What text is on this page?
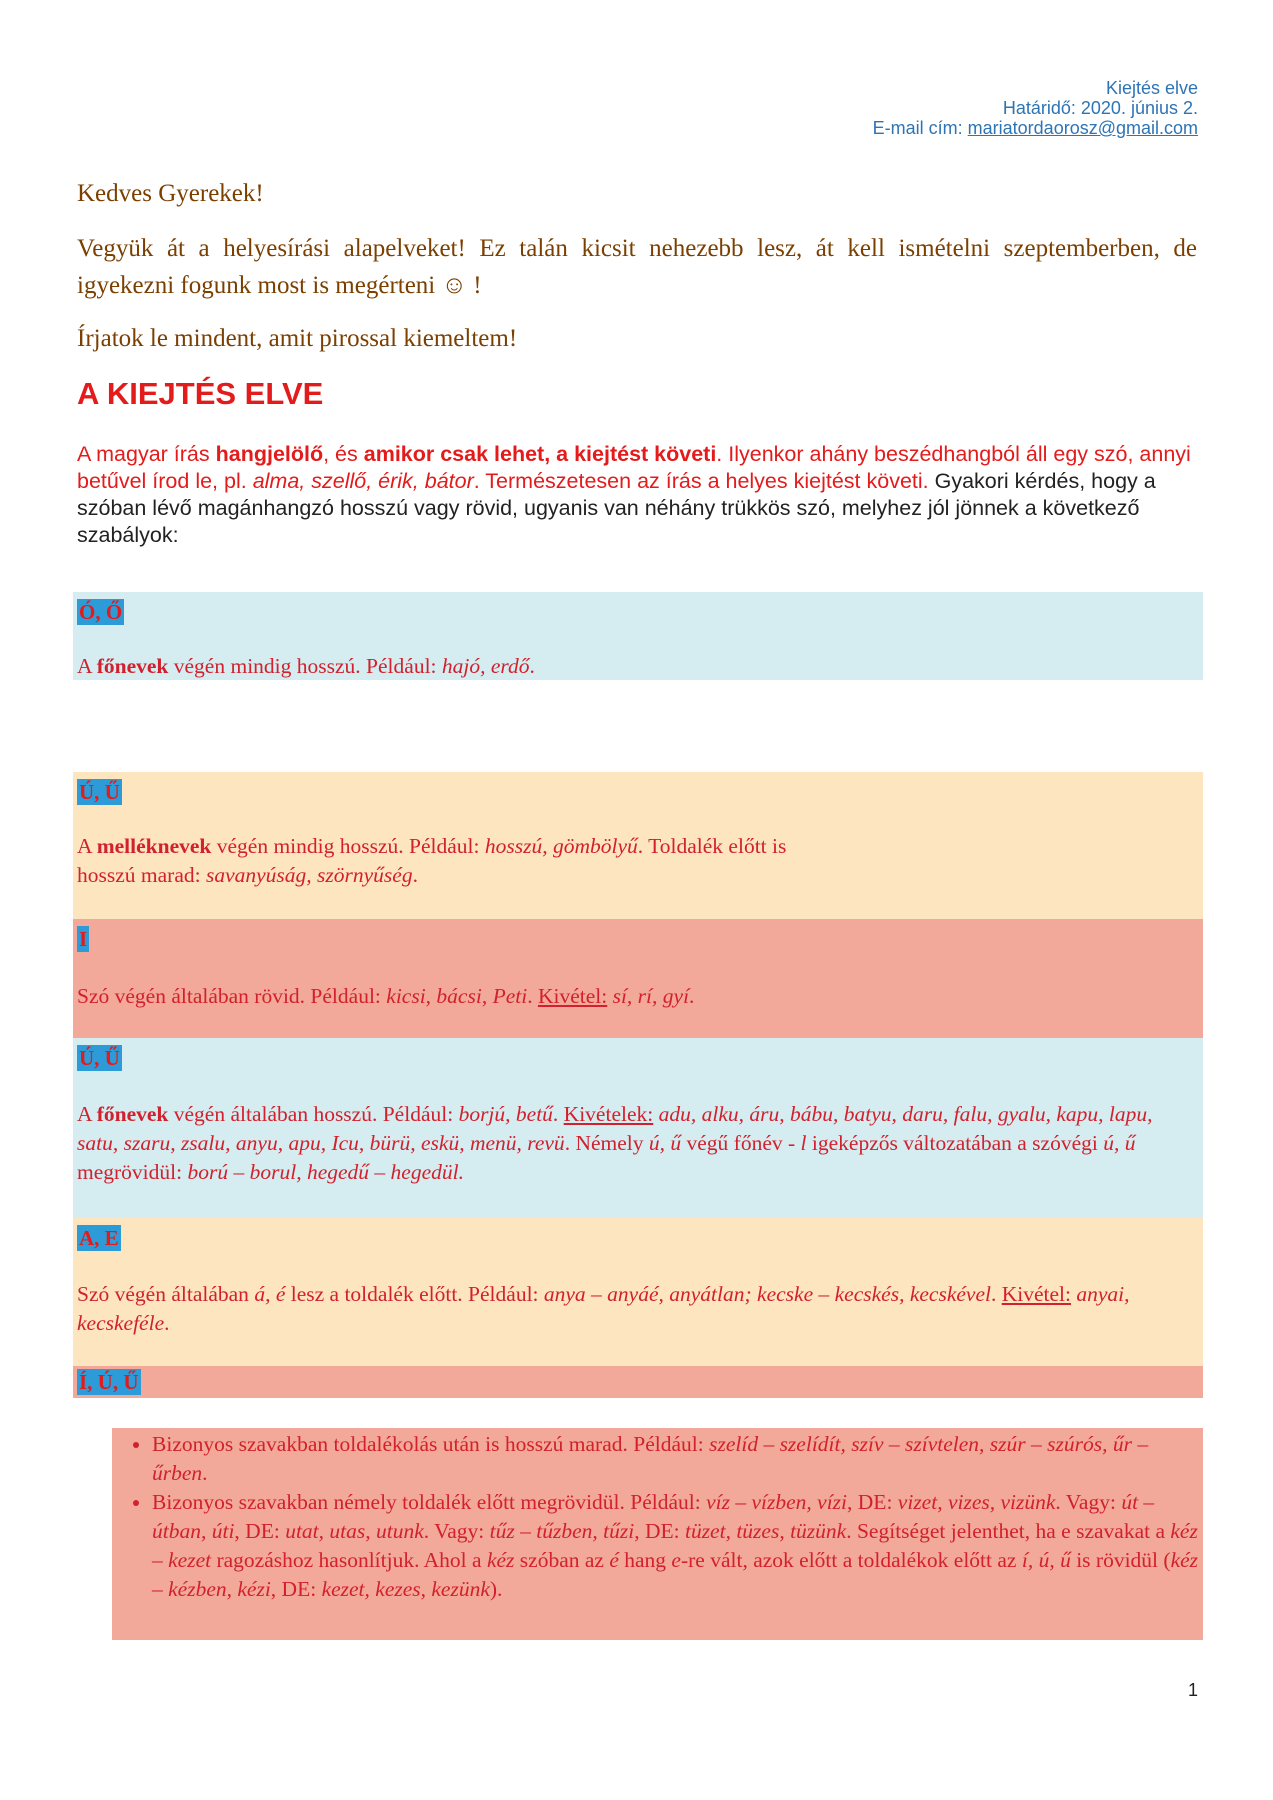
Kiejtés elve
Határidő: 2020. június 2.
E-mail cím: mariatordaorosz@gmail.com
Kedves Gyerekek!
Vegyük át a helyesírási alapelveket! Ez talán kicsit nehezebb lesz, át kell ismételni szeptemberben, de igyekezni fogunk most is megérteni ☺ !
Írjatok le mindent, amit pirossal kiemeltem!
A KIEJTÉS ELVE
A magyar írás hangjelölő, és amikor csak lehet, a kiejtést követi. Ilyenkor ahány beszédhangból áll egy szó, annyi betűvel írod le, pl. alma, szellő, érik, bátor. Természetesen az írás a helyes kiejtést követi. Gyakori kérdés, hogy a szóban lévő magánhangzó hosszú vagy rövid, ugyanis van néhány trükkös szó, melyhez jól jönnek a következő szabályok:
Ó, Ő
A főnevek végén mindig hosszú. Például: hajó, erdő.
Ú, Ű
A melléknevek végén mindig hosszú. Például: hosszú, gömbölyű. Toldalék előtt is hosszú marad: savanyúság, szörnyűség.
I
Szó végén általában rövid. Például: kicsi, bácsi, Peti. Kivétel: sí, rí, gyí.
Ú, Ű
A főnevek végén általában hosszú. Például: borjú, betű. Kivételek: adu, alku, áru, bábu, batyu, daru, falu, gyalu, kapu, lapu, satu, szaru, zsalu, anyu, apu, Icu, bürü, eskü, menü, revü. Némely ú, ű végű főnév - l igeképzős változatában a szóvégi ú, ű megrövidül: ború – borul, hegedű – hegedül.
A, E
Szó végén általában á, é lesz a toldalék előtt. Például: anya – anyáé, anyátlan; kecske – kecskés, kecskével. Kivétel: anyai, kecskeféle.
Í, Ú, Ű
• Bizonyos szavakban toldalékolás után is hosszú marad. Például: szelíd – szelídít, szív – szívtelen, szúr – szúrós, űr – űrben.
• Bizonyos szavakban némely toldalék előtt megrövidül. Például: víz – vízben, vízi, DE: vizet, vizes, vizünk. Vagy: út – útban, úti, DE: utat, utas, utunk. Vagy: tűz – tűzben, tűzi, DE: tüzet, tüzes, tüzünk. Segítséget jelenthet, ha e szavakat a kéz – kezet ragozáshoz hasonlítjuk. Ahol a kéz szóban az é hang e-re vált, azok előtt a toldalékok előtt az í, ú, ű is rövidül (kéz – kézben, kézi, DE: kezet, kezes, kezünk).
1
